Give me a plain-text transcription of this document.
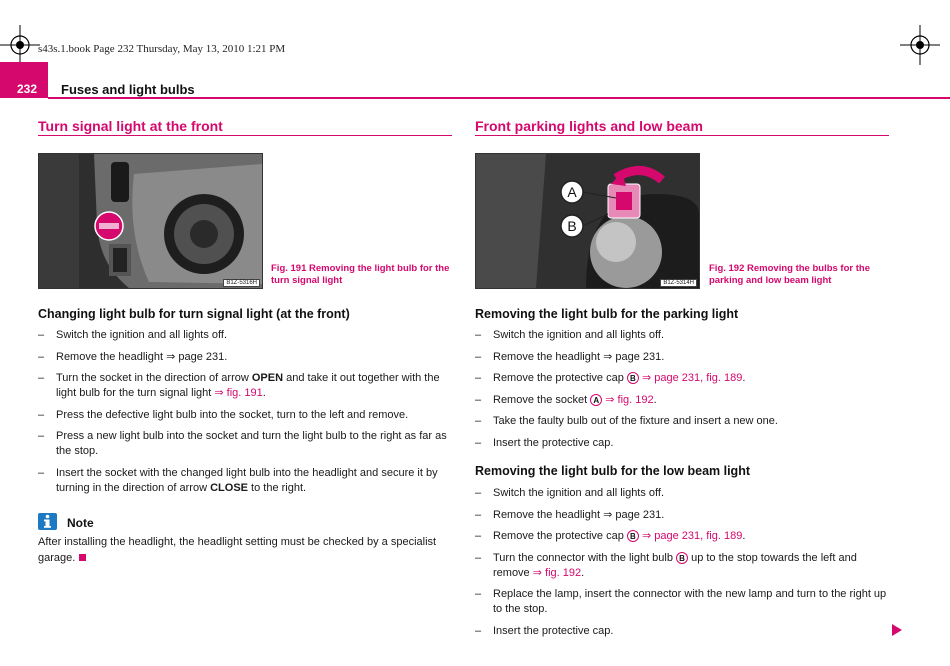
s43s.1.book Page 232 Thursday, May 13, 2010 1:21 PM
232 Fuses and light bulbs
Turn signal light at the front
B1Z-5316H
Fig. 191 Removing the light bulb for the turn signal light
Changing light bulb for turn signal light (at the front)
– Switch the ignition and all lights off.
– Remove the headlight ⇒ page 231.
– Turn the socket in the direction of arrow OPEN and take it out together with the light bulb for the turn signal light ⇒ fig. 191.
– Press the defective light bulb into the socket, turn to the left and remove.
– Press a new light bulb into the socket and turn the light bulb to the right as far as the stop.
– Insert the socket with the changed light bulb into the headlight and secure it by turning in the direction of arrow CLOSE to the right.
Note
After installing the headlight, the headlight setting must be checked by a specialist garage.
Front parking lights and low beam
A
B
B1Z-5314H
Fig. 192 Removing the bulbs for the parking and low beam light
Removing the light bulb for the parking light
– Switch the ignition and all lights off.
– Remove the headlight ⇒ page 231.
– Remove the protective cap B ⇒ page 231, fig. 189.
– Remove the socket A ⇒ fig. 192.
– Take the faulty bulb out of the fixture and insert a new one.
– Insert the protective cap.
Removing the light bulb for the low beam light
– Switch the ignition and all lights off.
– Remove the headlight ⇒ page 231.
– Remove the protective cap B ⇒ page 231, fig. 189.
– Turn the connector with the light bulb B up to the stop towards the left and remove ⇒ fig. 192.
– Replace the lamp, insert the connector with the new lamp and turn to the right up to the stop.
– Insert the protective cap.
